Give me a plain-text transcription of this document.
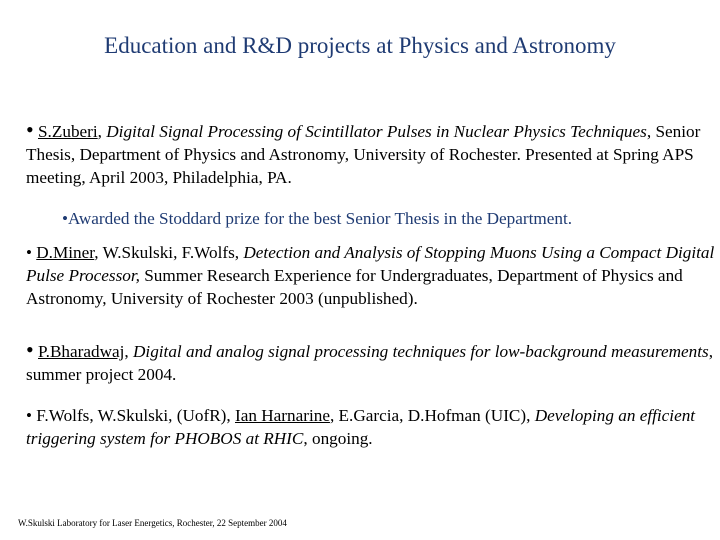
Education and R&D projects at Physics and Astronomy
• S.Zuberi, Digital Signal Processing of Scintillator Pulses in Nuclear Physics Techniques, Senior Thesis, Department of Physics and Astronomy, University of Rochester. Presented at Spring APS meeting, April 2003, Philadelphia, PA.
•Awarded the Stoddard prize for the best Senior Thesis in the Department.
• D.Miner, W.Skulski, F.Wolfs, Detection and Analysis of Stopping Muons Using a Compact Digital Pulse Processor, Summer Research Experience for Undergraduates, Department of Physics and Astronomy, University of Rochester 2003 (unpublished).
• P.Bharadwaj, Digital and analog signal processing techniques for low-background measurements, summer project 2004.
• F.Wolfs, W.Skulski, (UofR), Ian Harnarine, E.Garcia, D.Hofman (UIC), Developing an efficient triggering system for PHOBOS at RHIC, ongoing.
W.Skulski Laboratory for Laser Energetics, Rochester, 22 September 2004
